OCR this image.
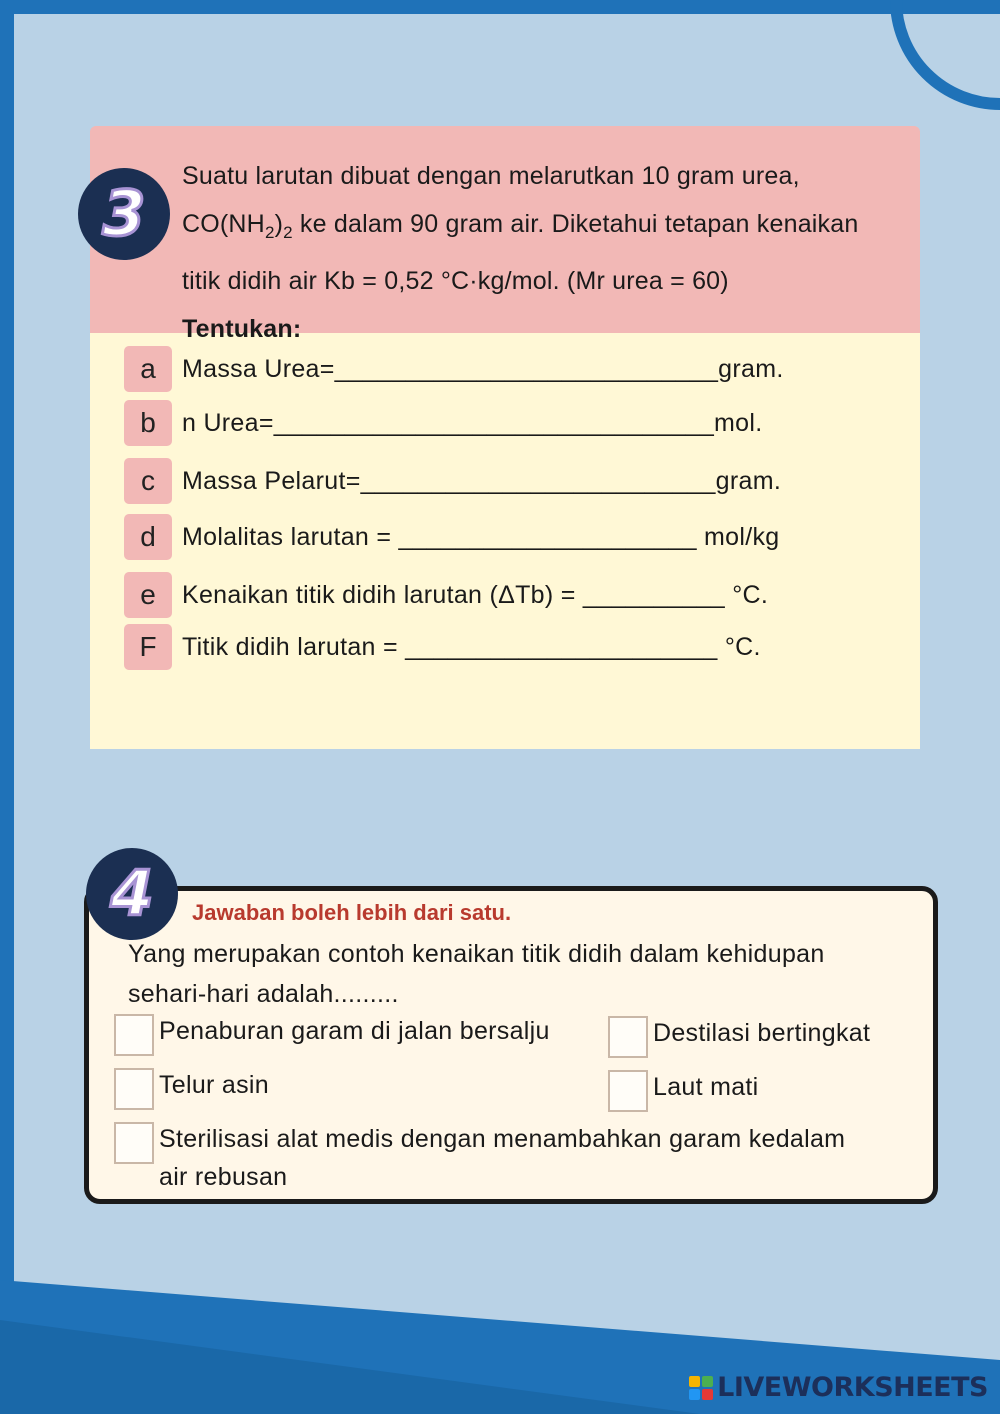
3
Suatu larutan dibuat dengan melarutkan 10 gram urea,
$CO(NH_2)_2$ ke dalam 90 gram air. Diketahui tetapan kenaikan
titik didih air Kb = 0,52 °C·kg/mol. (Mr urea = 60)
Tentukan:
a	Massa Urea=___________________________gram.
b	n Urea=_______________________________mol.
c	Massa Pelarut=_________________________gram.
d	Molalitas larutan = _____________________ mol/kg
e	Kenaikan titik didih larutan (ΔTb) = __________ °C.
F	Titik didih larutan = ______________________ °C.
4 Jawaban boleh lebih dari satu.
Yang merupakan contoh kenaikan titik didih dalam kehidupan
sehari-hari adalah.........
Penaburan garam di jalan bersalju	Destilasi bertingkat
Telur asin	Laut mati
Sterilisasi alat medis dengan menambahkan garam kedalam
air rebusan
LIVEWORKSHEETS
